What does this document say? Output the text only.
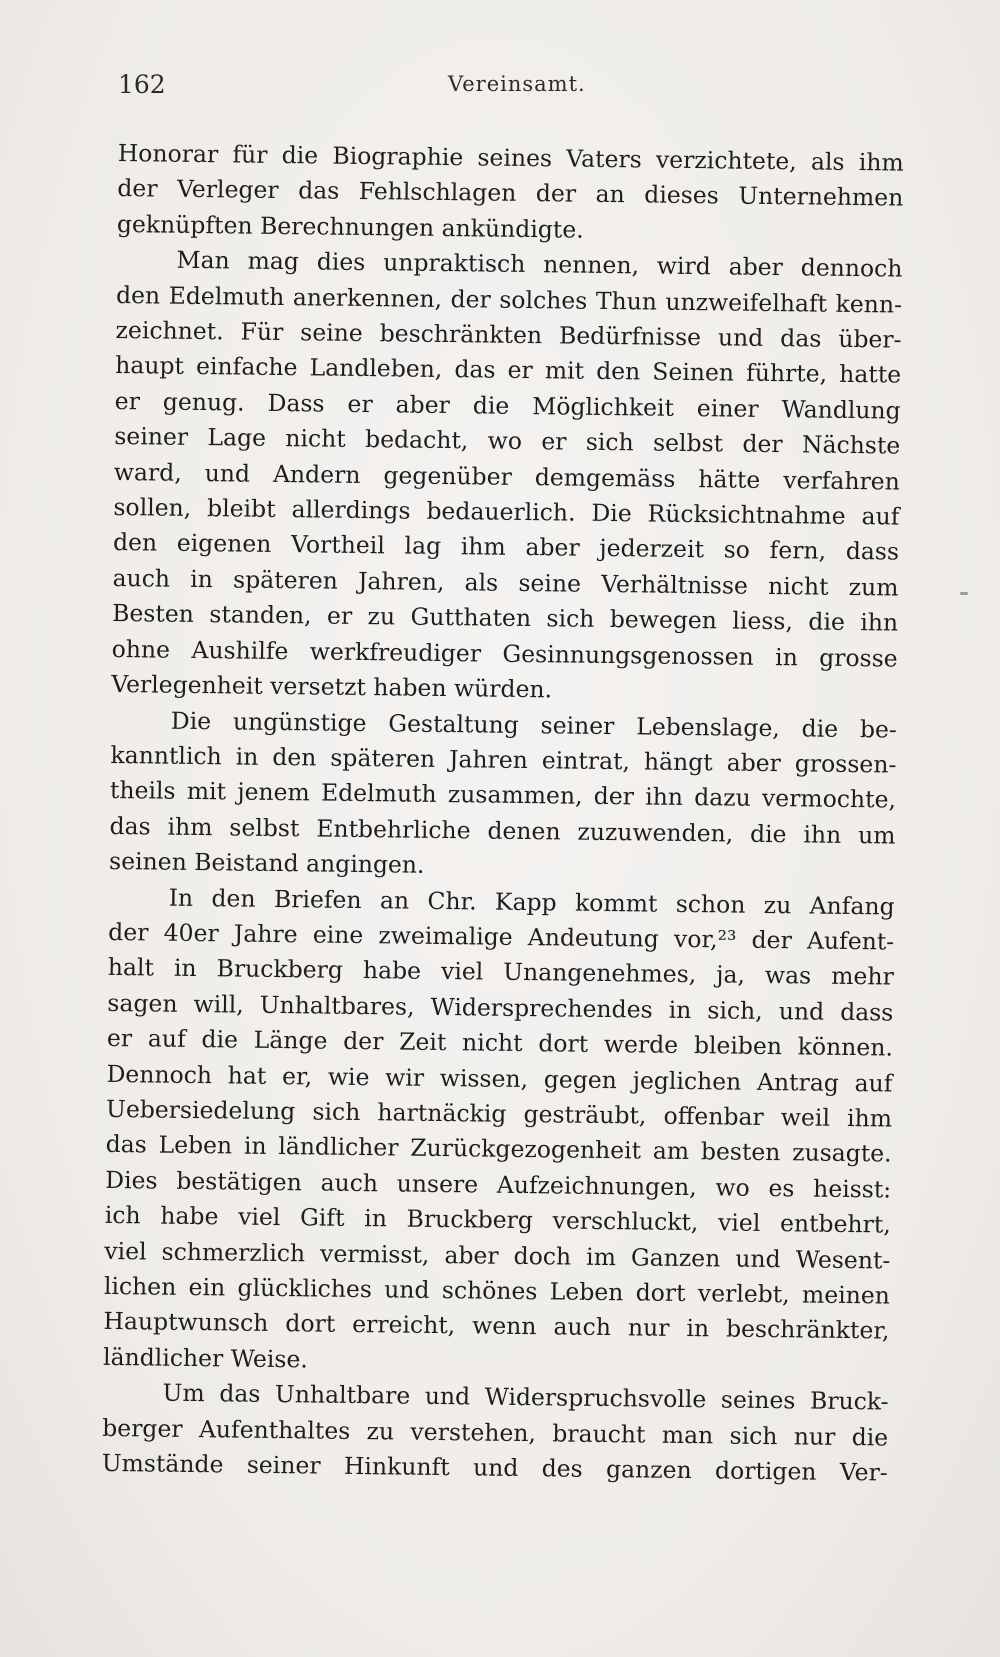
162	Vereinsamt.
Honorar für die Biographie seines Vaters verzichtete, als ihm
der Verleger das Fehlschlagen der an dieses Unternehmen
geknüpften Berechnungen ankündigte.
Man mag dies unpraktisch nennen, wird aber dennoch
den Edelmuth anerkennen, der solches Thun unzweifelhaft kenn-
zeichnet. Für seine beschränkten Bedürfnisse und das über-
haupt einfache Landleben, das er mit den Seinen führte, hatte
er genug. Dass er aber die Möglichkeit einer Wandlung
seiner Lage nicht bedacht, wo er sich selbst der Nächste
ward, und Andern gegenüber demgemäss hätte verfahren
sollen, bleibt allerdings bedauerlich. Die Rücksichtnahme auf
den eigenen Vortheil lag ihm aber jederzeit so fern, dass
auch in späteren Jahren, als seine Verhältnisse nicht zum
Besten standen, er zu Gutthaten sich bewegen liess, die ihn
ohne Aushilfe werkfreudiger Gesinnungsgenossen in grosse
Verlegenheit versetzt haben würden.
Die ungünstige Gestaltung seiner Lebenslage, die be-
kanntlich in den späteren Jahren eintrat, hängt aber grossen-
theils mit jenem Edelmuth zusammen, der ihn dazu vermochte,
das ihm selbst Entbehrliche denen zuzuwenden, die ihn um
seinen Beistand angingen.
In den Briefen an Chr. Kapp kommt schon zu Anfang
der 40er Jahre eine zweimalige Andeutung vor,²³ der Aufent-
halt in Bruckberg habe viel Unangenehmes, ja, was mehr
sagen will, Unhaltbares, Widersprechendes in sich, und dass
er auf die Länge der Zeit nicht dort werde bleiben können.
Dennoch hat er, wie wir wissen, gegen jeglichen Antrag auf
Uebersiedelung sich hartnäckig gesträubt, offenbar weil ihm
das Leben in ländlicher Zurückgezogenheit am besten zusagte.
Dies bestätigen auch unsere Aufzeichnungen, wo es heisst:
ich habe viel Gift in Bruckberg verschluckt, viel entbehrt,
viel schmerzlich vermisst, aber doch im Ganzen und Wesent-
lichen ein glückliches und schönes Leben dort verlebt, meinen
Hauptwunsch dort erreicht, wenn auch nur in beschränkter,
ländlicher Weise.
Um das Unhaltbare und Widerspruchsvolle seines Bruck-
berger Aufenthaltes zu verstehen, braucht man sich nur die
Umstände seiner Hinkunft und des ganzen dortigen Ver-
